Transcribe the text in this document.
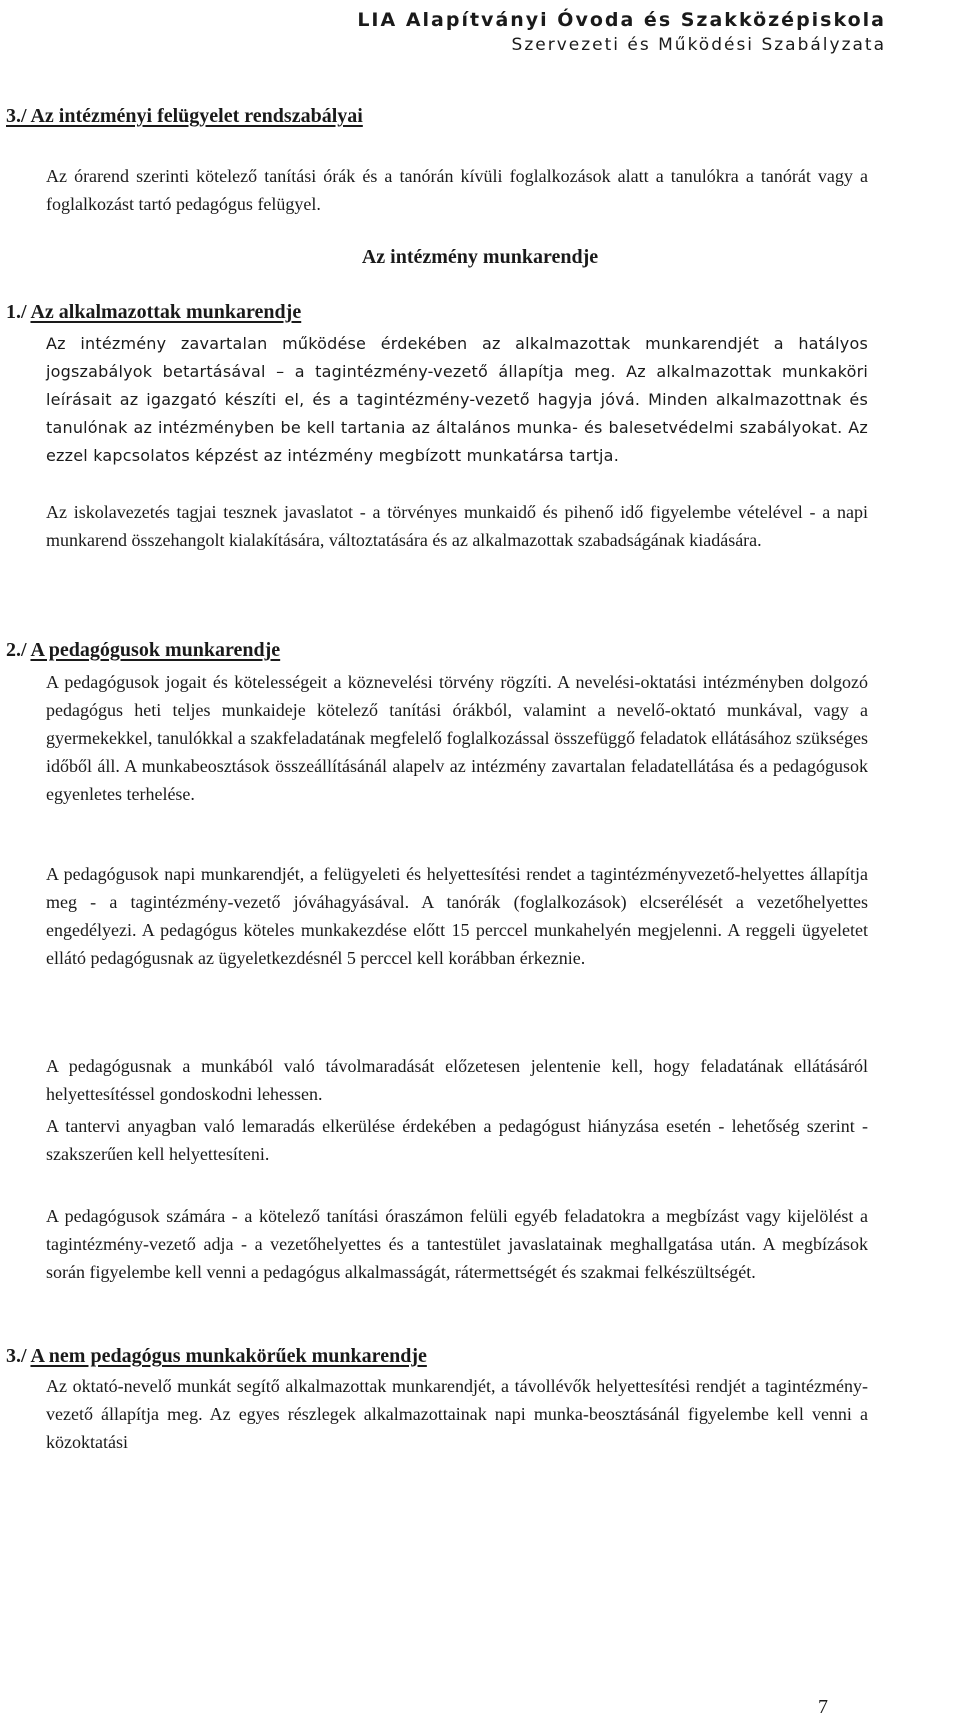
LIA Alapítványi Óvoda és Szakközépiskola
Szervezeti és Működési Szabályzata
3./ Az intézményi felügyelet rendszabályai
Az órarend szerinti kötelező tanítási órák és a tanórán kívüli foglalkozások alatt a tanulókra a tanórát vagy a foglalkozást tartó pedagógus felügyel.
Az intézmény munkarendje
1./ Az alkalmazottak munkarendje
Az intézmény zavartalan működése érdekében az alkalmazottak munkarendjét a hatályos jogszabályok betartásával – a tagintézmény-vezető állapítja meg. Az alkalmazottak munkaköri leírásait az igazgató készíti el, és a tagintézmény-vezető hagyja jóvá. Minden alkalmazottnak és tanulónak az intézményben be kell tartania az általános munka- és balesetvédelmi szabályokat. Az ezzel kapcsolatos képzést az intézmény megbízott munkatársa tartja.
Az iskolavezetés tagjai tesznek javaslatot - a törvényes munkaidő és pihenő idő figyelembe vételével - a napi munkarend összehangolt kialakítására, változtatására és az alkalmazottak szabadságának kiadására.
2./ A pedagógusok munkarendje
A pedagógusok jogait és kötelességeit a köznevelési törvény rögzíti. A nevelési-oktatási intézményben dolgozó pedagógus heti teljes munkaideje kötelező tanítási órákból, valamint a nevelő-oktató munkával, vagy a gyermekekkel, tanulókkal a szakfeladatának megfelelő foglalkozással összefüggő feladatok ellátásához szükséges időből áll. A munkabeosztások összeállításánál alapelv az intézmény zavartalan feladatellátása és a pedagógusok egyenletes terhelése.
A pedagógusok napi munkarendjét, a felügyeleti és helyettesítési rendet a tagintézményvezető-helyettes állapítja meg - a tagintézmény-vezető jóváhagyásával. A tanórák (foglalkozások) elcserélését a vezetőhelyettes engedélyezi. A pedagógus köteles munkakezdése előtt 15 perccel munkahelyén megjelenni. A reggeli ügyeletet ellátó pedagógusnak az ügyeletkezdésnél 5 perccel kell korábban érkeznie.
A pedagógusnak a munkából való távolmaradását előzetesen jelentenie kell, hogy feladatának ellátásáról helyettesítéssel gondoskodni lehessen.
A tantervi anyagban való lemaradás elkerülése érdekében a pedagógust hiányzása esetén - lehetőség szerint - szakszerűen kell helyettesíteni.
A pedagógusok számára - a kötelező tanítási óraszámon felüli egyéb feladatokra a megbízást vagy kijelölést a tagintézmény-vezető adja - a vezetőhelyettes és a tantestület javaslatainak meghallgatása után. A megbízások során figyelembe kell venni a pedagógus alkalmasságát, rátermettségét és szakmai felkészültségét.
3./ A nem pedagógus munkakörűek munkarendje
Az oktató-nevelő munkát segítő alkalmazottak munkarendjét, a távollévők helyettesítési rendjét a tagintézmény-vezető állapítja meg. Az egyes részlegek alkalmazottainak napi munka-beosztásánál figyelembe kell venni a közoktatási
7
